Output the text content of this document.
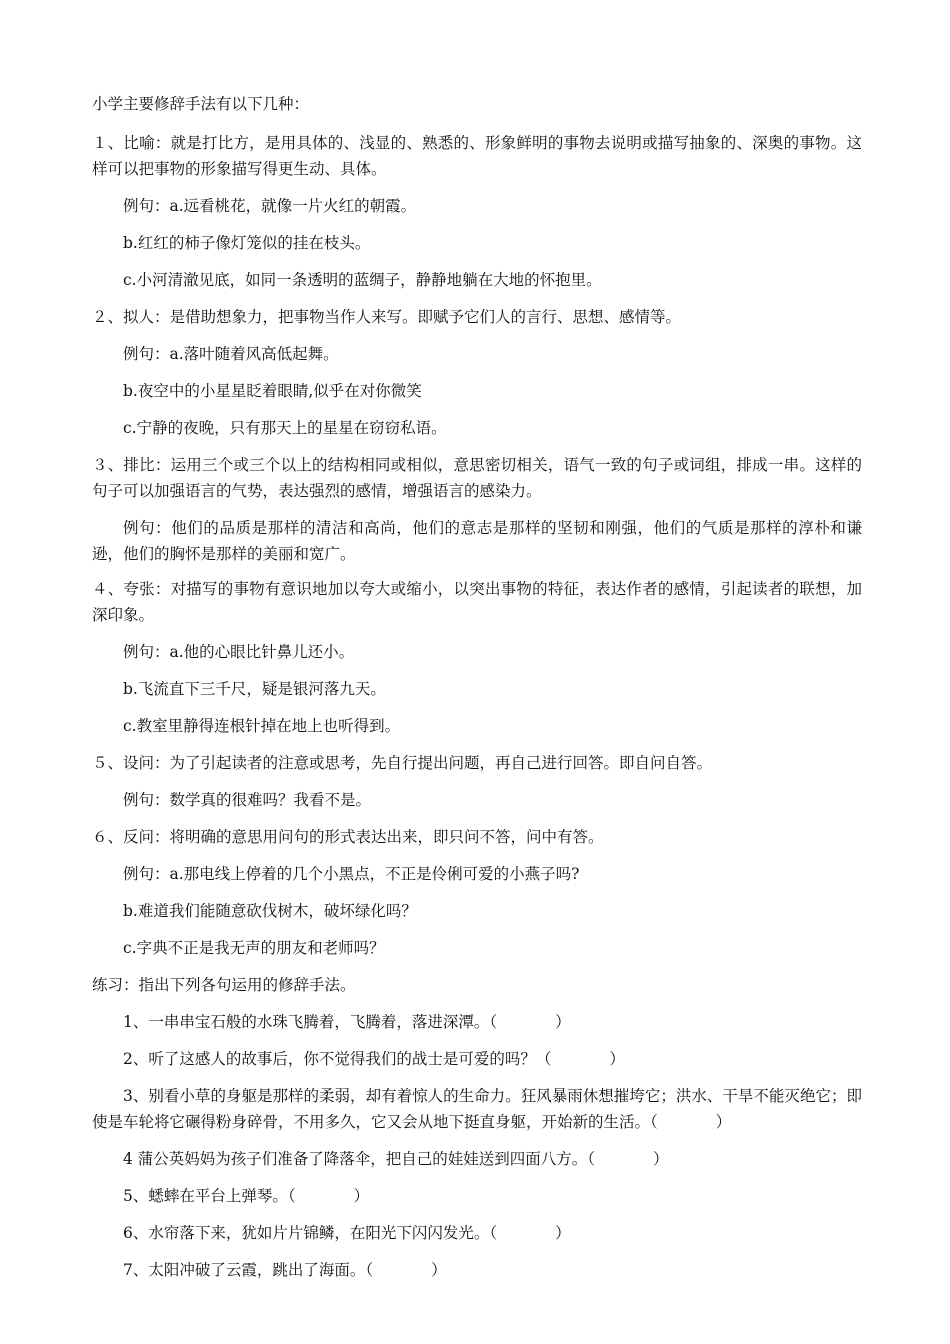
小学主要修辞手法有以下几种：
１、比喻：就是打比方，是用具体的、浅显的、熟悉的、形象鲜明的事物去说明或描写抽象的、深奥的事物。这样可以把事物的形象描写得更生动、具体。
例句：a.远看桃花，就像一片火红的朝霞。
b.红红的柿子像灯笼似的挂在枝头。
c.小河清澈见底，如同一条透明的蓝绸子，静静地躺在大地的怀抱里。
２、拟人：是借助想象力，把事物当作人来写。即赋予它们人的言行、思想、感情等。
例句：a.落叶随着风高低起舞。
b.夜空中的小星星眨着眼睛,似乎在对你微笑
c.宁静的夜晚，只有那天上的星星在窃窃私语。
３、排比：运用三个或三个以上的结构相同或相似，意思密切相关，语气一致的句子或词组，排成一串。这样的句子可以加强语言的气势，表达强烈的感情，增强语言的感染力。
例句：他们的品质是那样的清洁和高尚，他们的意志是那样的坚韧和刚强，他们的气质是那样的淳朴和谦逊，他们的胸怀是那样的美丽和宽广。
４、夸张：对描写的事物有意识地加以夸大或缩小，以突出事物的特征，表达作者的感情，引起读者的联想，加深印象。
例句：a.他的心眼比针鼻儿还小。
b.飞流直下三千尺，疑是银河落九天。
c.教室里静得连根针掉在地上也听得到。
５、设问：为了引起读者的注意或思考，先自行提出问题，再自己进行回答。即自问自答。
例句：数学真的很难吗？我看不是。
６、反问：将明确的意思用问句的形式表达出来，即只问不答，问中有答。
例句：a.那电线上停着的几个小黑点，不正是伶俐可爱的小燕子吗?
b.难道我们能随意砍伐树木，破坏绿化吗？
c.字典不正是我无声的朋友和老师吗？
练习：指出下列各句运用的修辞手法。
1、一串串宝石般的水珠飞腾着，飞腾着，落进深潭。（	）
2、听了这感人的故事后，你不觉得我们的战士是可爱的吗？（	）
3、别看小草的身躯是那样的柔弱，却有着惊人的生命力。狂风暴雨休想摧垮它；洪水、干旱不能灭绝它；即使是车轮将它碾得粉身碎骨，不用多久，它又会从地下挺直身躯，开始新的生活。（	）
4 蒲公英妈妈为孩子们准备了降落伞，把自己的娃娃送到四面八方。（	）
5、蟋蟀在平台上弹琴。（	）
6、水帘落下来，犹如片片锦鳞，在阳光下闪闪发光。（	）
7、太阳冲破了云霞，跳出了海面。（	）
